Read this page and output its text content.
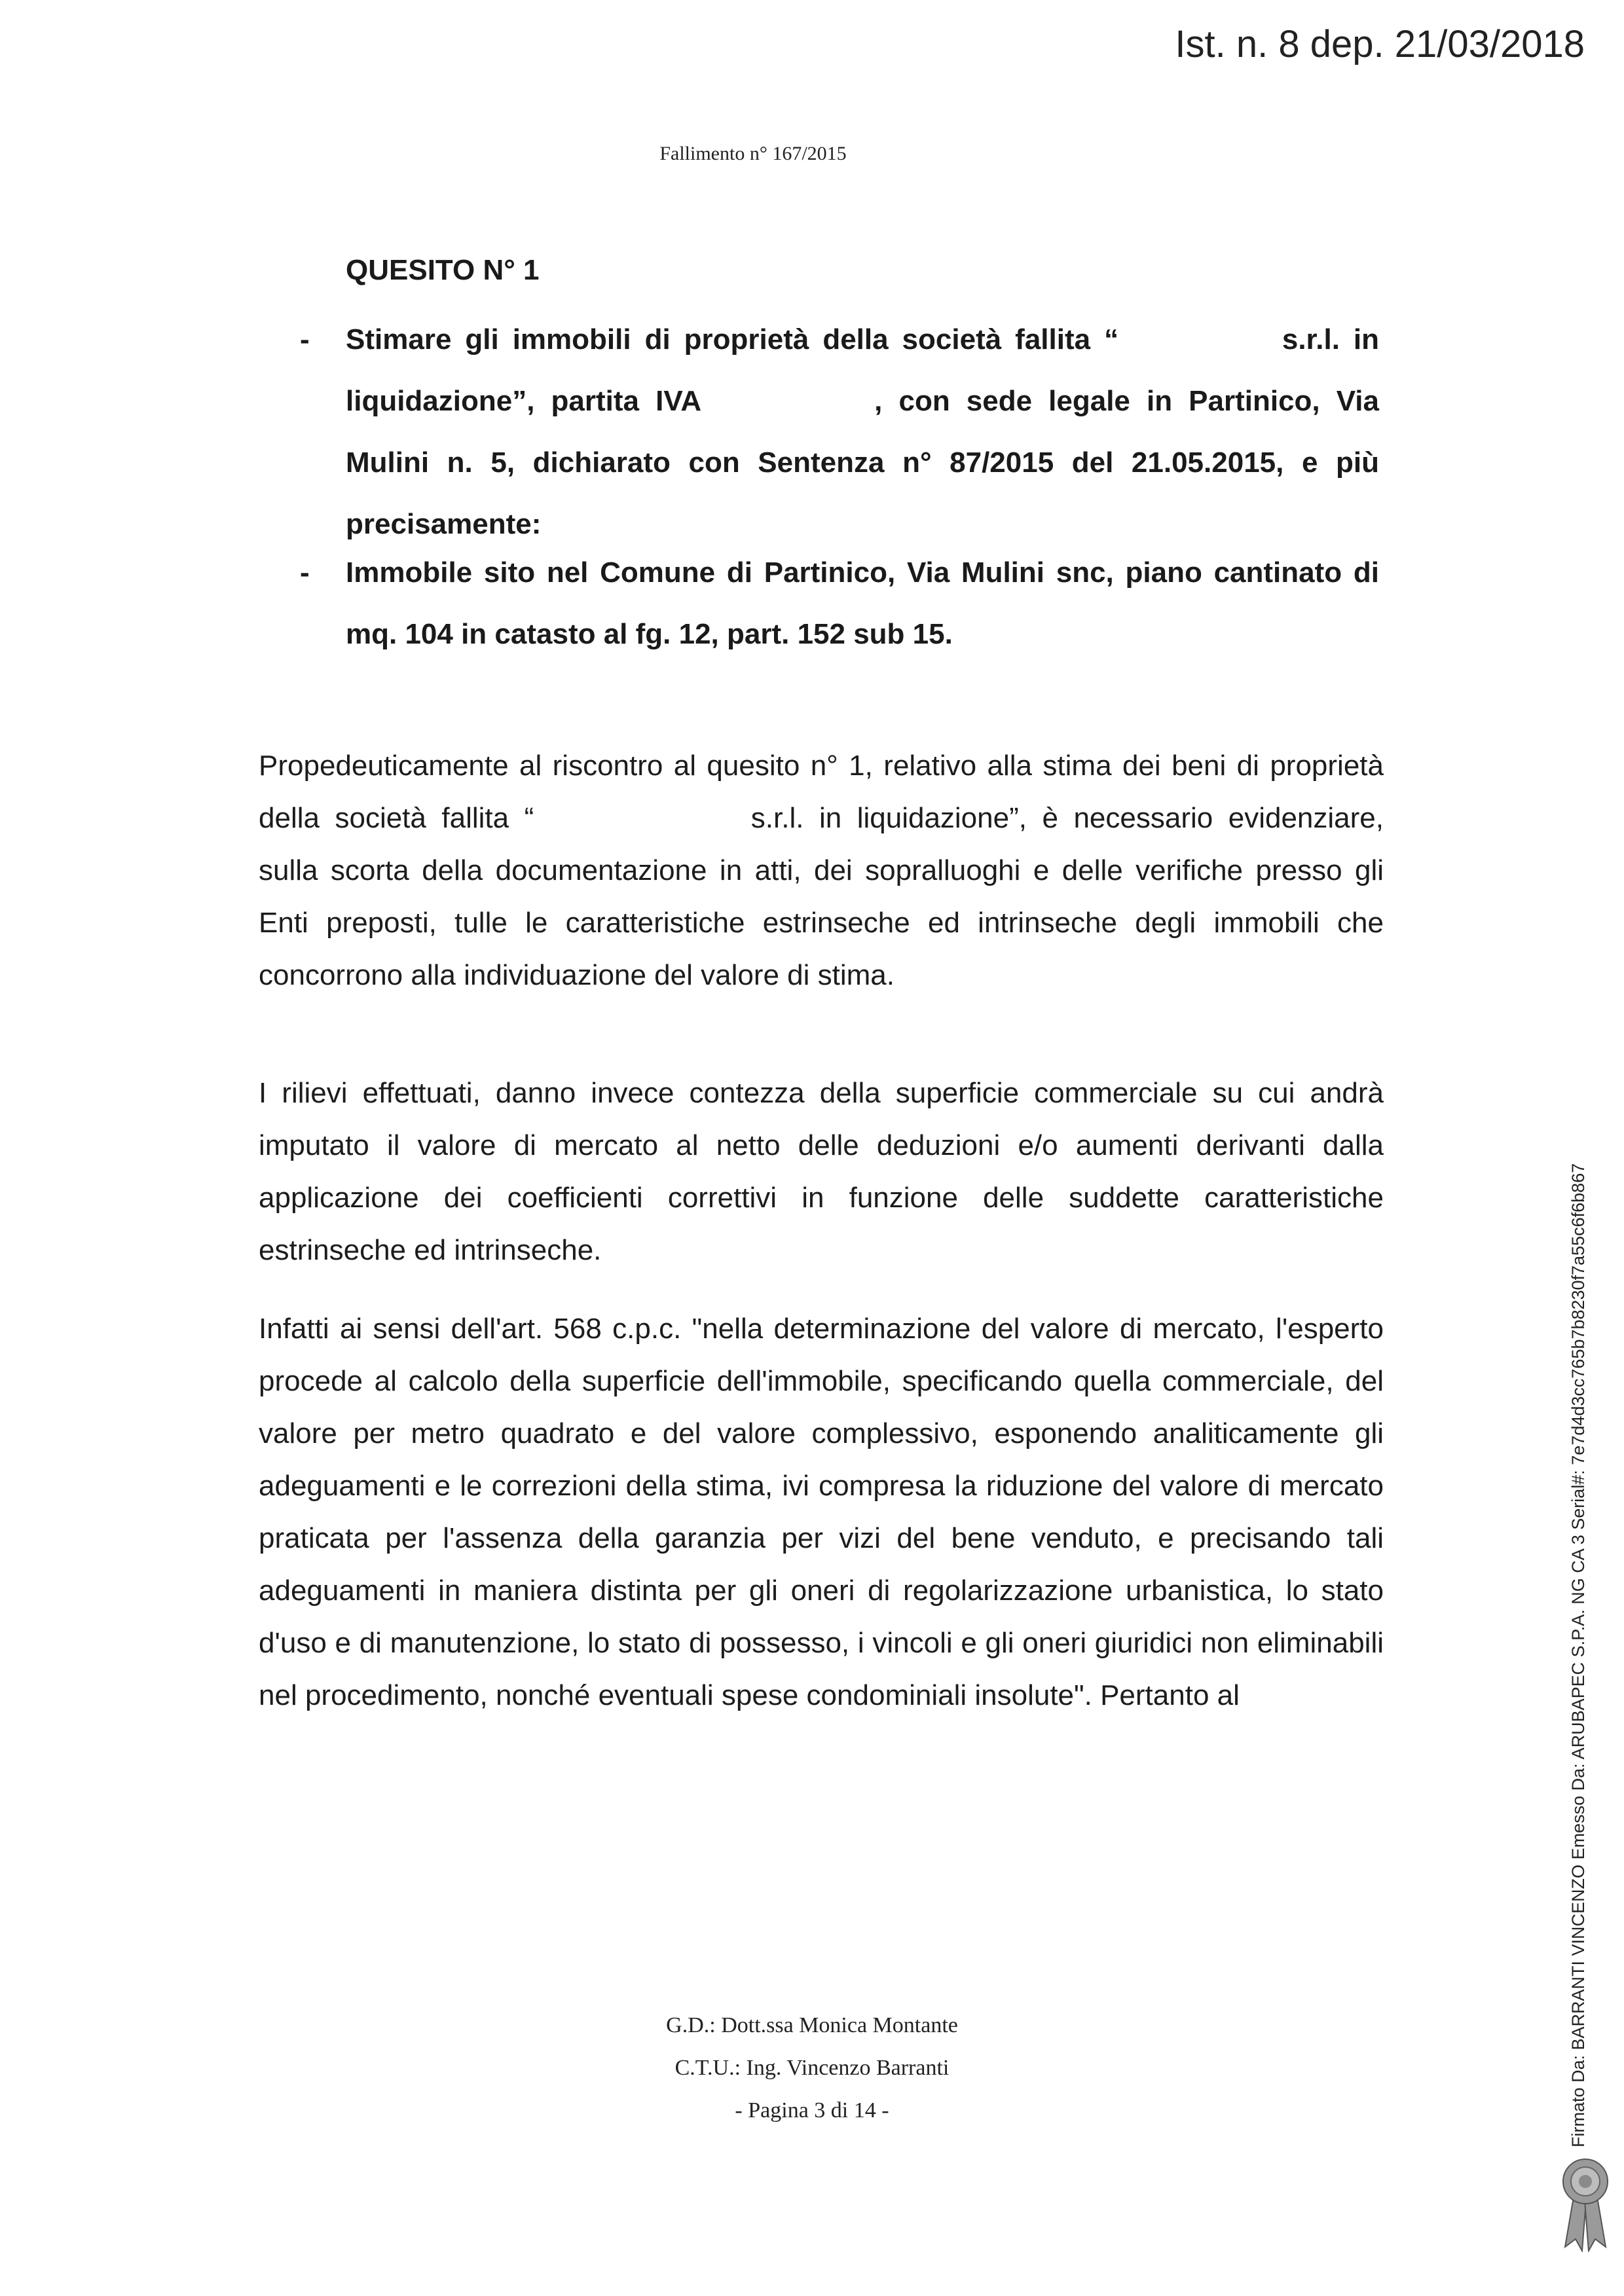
Ist. n. 8 dep. 21/03/2018
Fallimento n° 167/2015
QUESITO N° 1
- Stimare gli immobili di proprietà della società fallita “       s.r.l. in liquidazione”, partita IVA      , con sede legale in Partinico, Via Mulini n. 5, dichiarato con Sentenza n° 87/2015 del 21.05.2015, e più precisamente:
- Immobile sito nel Comune di Partinico, Via Mulini snc, piano cantinato di mq. 104 in catasto al fg. 12, part. 152 sub 15.
Propedeuticamente al riscontro al quesito n° 1, relativo alla stima dei beni di proprietà della società fallita “        s.r.l. in liquidazione”, è necessario evidenziare, sulla scorta della documentazione in atti, dei sopralluoghi e delle verifiche presso gli Enti preposti, tulle le caratteristiche estrinseche ed intrinseche degli immobili che concorrono alla individuazione del valore di stima.
I rilievi effettuati, danno invece contezza della superficie commerciale su cui andrà imputato il valore di mercato al netto delle deduzioni e/o aumenti derivanti dalla applicazione dei coefficienti correttivi in funzione delle suddette caratteristiche estrinseche ed intrinseche.
Infatti ai sensi dell'art. 568 c.p.c. "nella determinazione del valore di mercato, l'esperto procede al calcolo della superficie dell'immobile, specificando quella commerciale, del valore per metro quadrato e del valore complessivo, esponendo analiticamente gli adeguamenti e le correzioni della stima, ivi compresa la riduzione del valore di mercato praticata per l'assenza della garanzia per vizi del bene venduto, e precisando tali adeguamenti in maniera distinta per gli oneri di regolarizzazione urbanistica, lo stato d'uso e di manutenzione, lo stato di possesso, i vincoli e gli oneri giuridici non eliminabili nel procedimento, nonché eventuali spese condominiali insolute". Pertanto al
G.D.: Dott.ssa Monica Montante
C.T.U.: Ing. Vincenzo Barranti
- Pagina 3 di 14 -	Firmato Da: BARRANTI VINCENZO Emesso Da: ARUBAPEC S.P.A. NG CA 3 Serial#: 7e7d4d3cc765b7b8230f7a55c6f6b867
